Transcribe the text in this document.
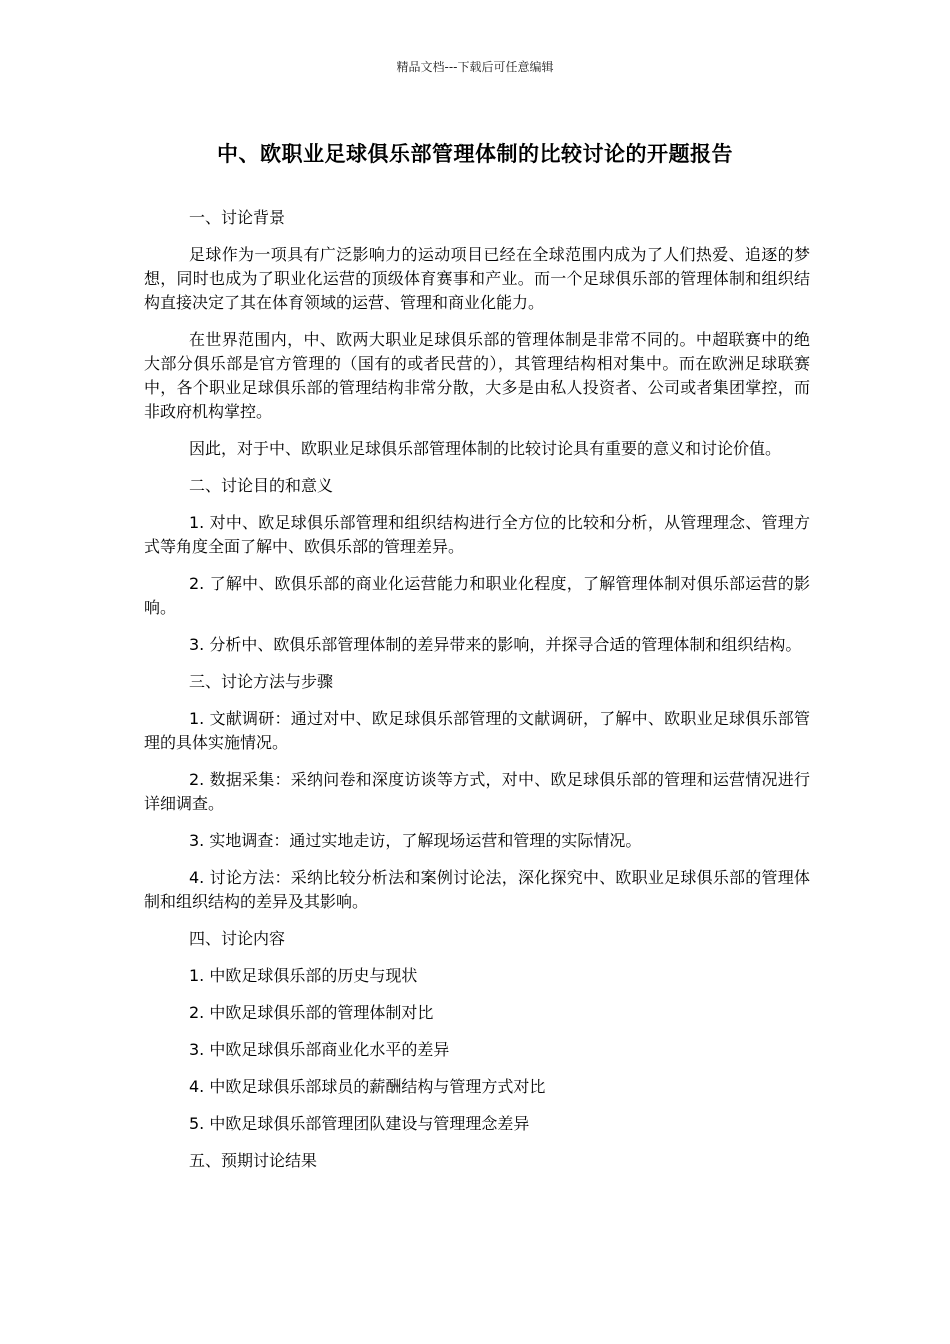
精品文档---下载后可任意编辑
中、欧职业足球俱乐部管理体制的比较讨论的开题报告

一、讨论背景

足球作为一项具有广泛影响力的运动项目已经在全球范围内成为了人们热爱、追逐的梦想，同时也成为了职业化运营的顶级体育赛事和产业。而一个足球俱乐部的管理体制和组织结构直接决定了其在体育领域的运营、管理和商业化能力。

在世界范围内，中、欧两大职业足球俱乐部的管理体制是非常不同的。中超联赛中的绝大部分俱乐部是官方管理的（国有的或者民营的），其管理结构相对集中。而在欧洲足球联赛中，各个职业足球俱乐部的管理结构非常分散，大多是由私人投资者、公司或者集团掌控，而非政府机构掌控。

因此，对于中、欧职业足球俱乐部管理体制的比较讨论具有重要的意义和讨论价值。

二、讨论目的和意义

1. 对中、欧足球俱乐部管理和组织结构进行全方位的比较和分析，从管理理念、管理方式等角度全面了解中、欧俱乐部的管理差异。

2. 了解中、欧俱乐部的商业化运营能力和职业化程度，了解管理体制对俱乐部运营的影响。

3. 分析中、欧俱乐部管理体制的差异带来的影响，并探寻合适的管理体制和组织结构。

三、讨论方法与步骤

1. 文献调研：通过对中、欧足球俱乐部管理的文献调研，了解中、欧职业足球俱乐部管理的具体实施情况。

2. 数据采集：采纳问卷和深度访谈等方式，对中、欧足球俱乐部的管理和运营情况进行详细调查。

3. 实地调查：通过实地走访，了解现场运营和管理的实际情况。

4. 讨论方法：采纳比较分析法和案例讨论法，深化探究中、欧职业足球俱乐部的管理体制和组织结构的差异及其影响。

四、讨论内容

1. 中欧足球俱乐部的历史与现状

2. 中欧足球俱乐部的管理体制对比

3. 中欧足球俱乐部商业化水平的差异

4. 中欧足球俱乐部球员的薪酬结构与管理方式对比

5. 中欧足球俱乐部管理团队建设与管理理念差异

五、预期讨论结果
